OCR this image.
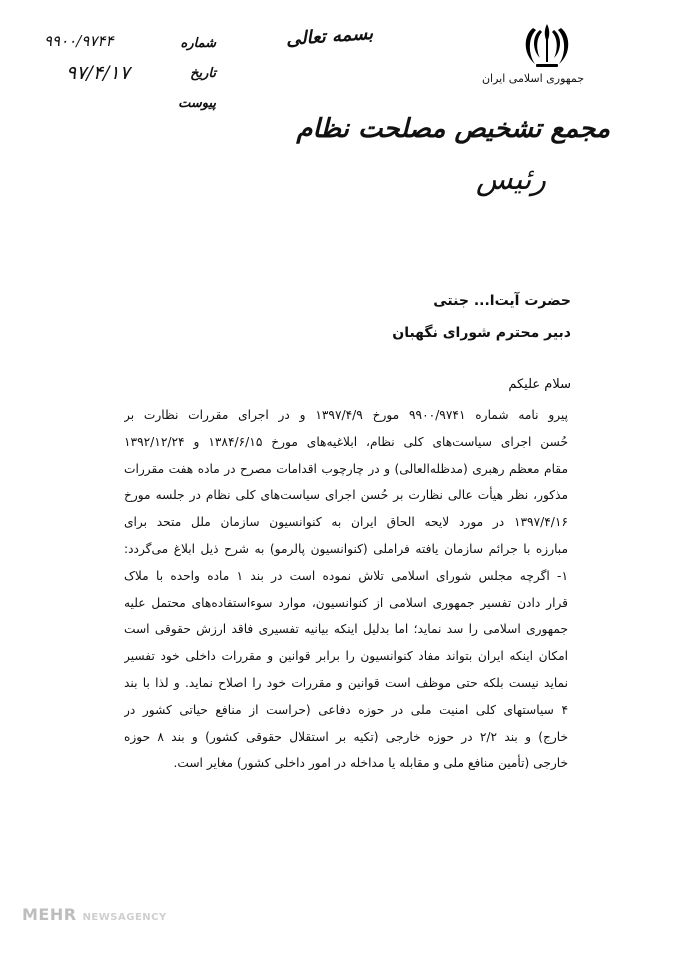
۹۹۰۰/۹۷۴۴	شماره
۹۷/۴/۱۷	تاریخ
پیوست
بسمه تعالی
جمهوری اسلامی ایران
مجمع تشخیص مصلحت نظام
رئیس
حضرت آیت‌ا... جنتی
دبیر محترم شورای نگهبان
سلام علیکم
پیرو نامه شماره ۹۹۰۰/۹۷۴۱ مورخ ۱۳۹۷/۴/۹ و در اجرای مقررات نظارت بر
حُسن اجرای سیاست‌های کلی نظام، ابلاغیه‌های مورخ ۱۳۸۴/۶/۱۵ و ۱۳۹۲/۱۲/۲۴
مقام معظم رهبری (مدظله‌العالی) و در چارچوب اقدامات مصرح در ماده هفت مقررات
مذکور، نظر هیأت عالی نظارت بر حُسن اجرای سیاست‌های کلی نظام در جلسه مورخ
۱۳۹۷/۴/۱۶ در مورد لایحه الحاق ایران به کنوانسیون سازمان ملل متحد برای
مبارزه با جرائم سازمان یافته فراملی (کنوانسیون پالرمو) به شرح ذیل ابلاغ می‌گردد:
۱- اگرچه مجلس شورای اسلامی تلاش نموده است در بند ۱ ماده واحده با ملاک
قرار دادن تفسیر جمهوری اسلامی از کنوانسیون، موارد سوءاستفاده‌های محتمل علیه
جمهوری اسلامی را سد نماید؛ اما بدلیل اینکه بیانیه تفسیری فاقد ارزش حقوقی است
امکان اینکه ایران بتواند مفاد کنوانسیون را برابر قوانین و مقررات داخلی خود تفسیر
نماید نیست بلکه حتی موظف است قوانین و مقررات خود را اصلاح نماید. و لذا با بند
۴ سیاستهای کلی امنیت ملی در حوزه دفاعی (حراست از منافع حیاتی کشور در
خارج) و بند ۲/۲ در حوزه خارجی (تکیه بر استقلال حقوقی کشور) و بند ۸ حوزه
خارجی (تأمین منافع ملی و مقابله یا مداخله در امور داخلی کشور) مغایر است.
MEHR NEWSAGENCY
